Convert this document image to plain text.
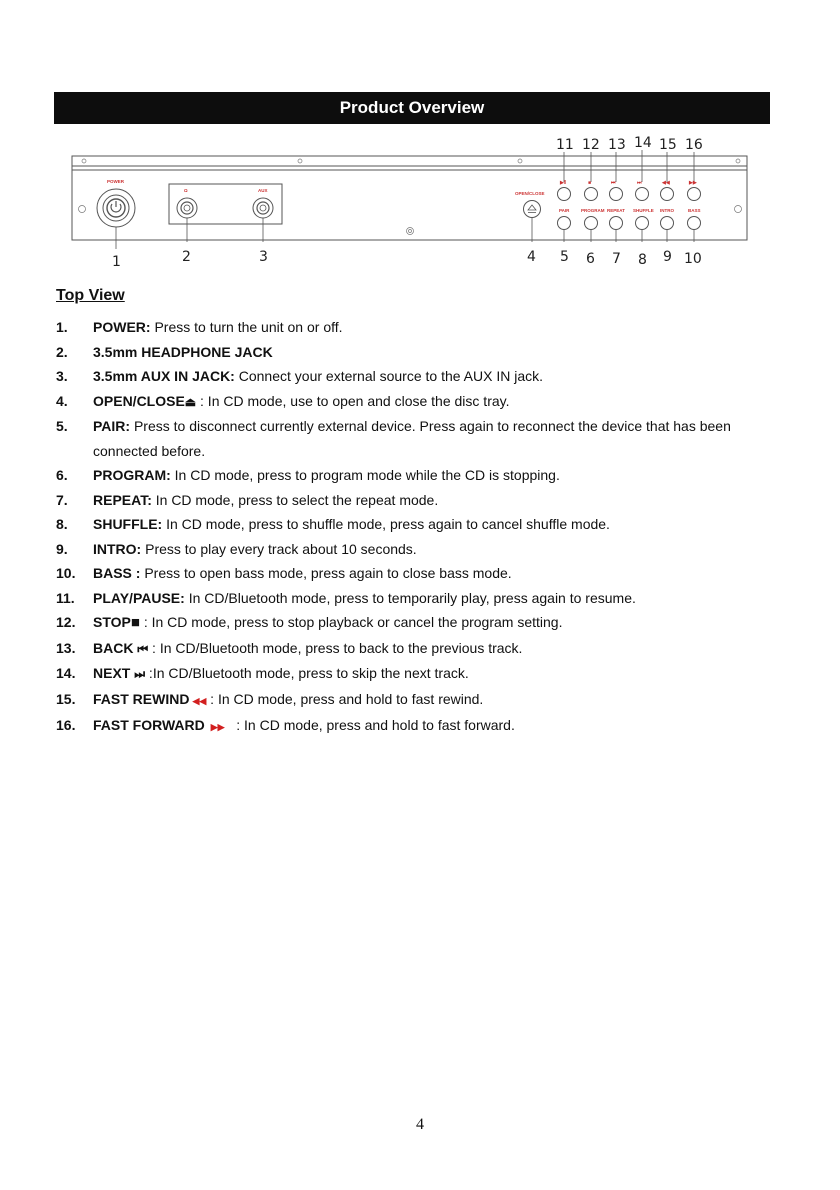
Product Overview
11 12 13 14 15 16
POWER
Ω	AUX
OPEN/CLOSE
▶‖	■	⏮	⏭	◀◀	▶▶
PAIR	PROGRAM REPEAT SHUFFLE INTRO	BASS
1	2	3	4 5 6 7 8 9 10
Top View
1. POWER: Press to turn the unit on or off.
2. 3.5mm HEADPHONE JACK
3. 3.5mm AUX IN JACK: Connect your external source to the AUX IN jack.
4. OPEN/CLOSE⏏ : In CD mode, use to open and close the disc tray.
5. PAIR: Press to disconnect currently external device. Press again to reconnect the device that has been connected before.
6. PROGRAM: In CD mode, press to program mode while the CD is stopping.
7. REPEAT: In CD mode, press to select the repeat mode.
8. SHUFFLE: In CD mode, press to shuffle mode, press again to cancel shuffle mode.
9. INTRO: Press to play every track about 10 seconds.
10. BASS : Press to open bass mode, press again to close bass mode.
11. PLAY/PAUSE: In CD/Bluetooth mode, press to temporarily play, press again to resume.
12. STOP■ : In CD mode, press to stop playback or cancel the program setting.
13. BACK ⏮ : In CD/Bluetooth mode, press to back to the previous track.
14. NEXT ⏭ :In CD/Bluetooth mode, press to skip the next track.
15. FAST REWIND ◀◀ : In CD mode, press and hold to fast rewind.
16. FAST FORWARD ▶▶   : In CD mode, press and hold to fast forward.
4
